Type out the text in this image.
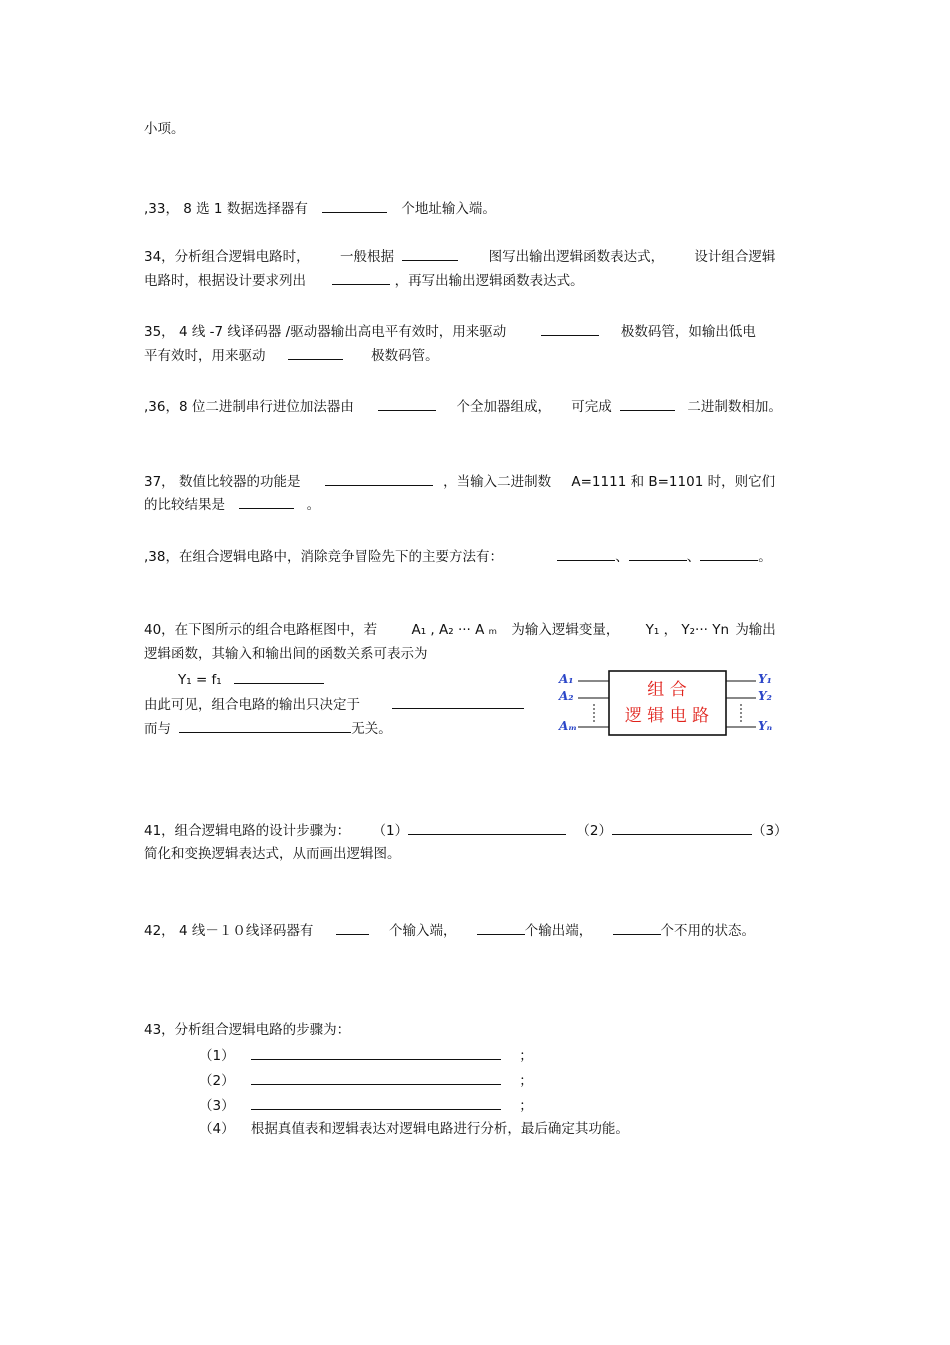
小项。
,33， 8 选 1 数据选择器有	个地址输入端。
34，分析组合逻辑电路时， 一般根据	图写出输出逻辑函数表达式， 设计组合逻辑
电路时，根据设计要求列出	，再写出输出逻辑函数表达式。
35， 4 线 -7 线译码器 /驱动器输出高电平有效时，用来驱动	极数码管，如输出低电
平有效时，用来驱动	极数码管。
,36，8 位二进制串行进位加法器由	个全加器组成， 可完成	二进制数相加。
37， 数值比较器的功能是	，当输入二进制数 A=1111 和 B=1101 时，则它们
的比较结果是	。
,38，在组合逻辑电路中，消除竞争冒险先下的主要方法有：	、	、	。
40，在下图所示的组合电路框图中，若	A₁ , A₂ ··· A ₘ 为输入逻辑变量， Y₁ ， Y₂··· Yn 为输出
逻辑函数，其输入和输出间的函数关系可表示为
Y₁ = f₁
由此可见，组合电路的输出只决定于
而与	无关。
组 合
逻 辑 电 路
A₁
A₂
Aₘ
Y₁
Y₂
Yₙ
41，组合逻辑电路的设计步骤为： （1）	（2）	（3）
简化和变换逻辑表达式，从而画出逻辑图。
42， 4 线－１０线译码器有	个输入端，	个输出端，	个不用的状态。
43，分析组合逻辑电路的步骤为：
（1）	；
（2）	；
（3）	；
（4） 根据真值表和逻辑表达对逻辑电路进行分析，最后确定其功能。
